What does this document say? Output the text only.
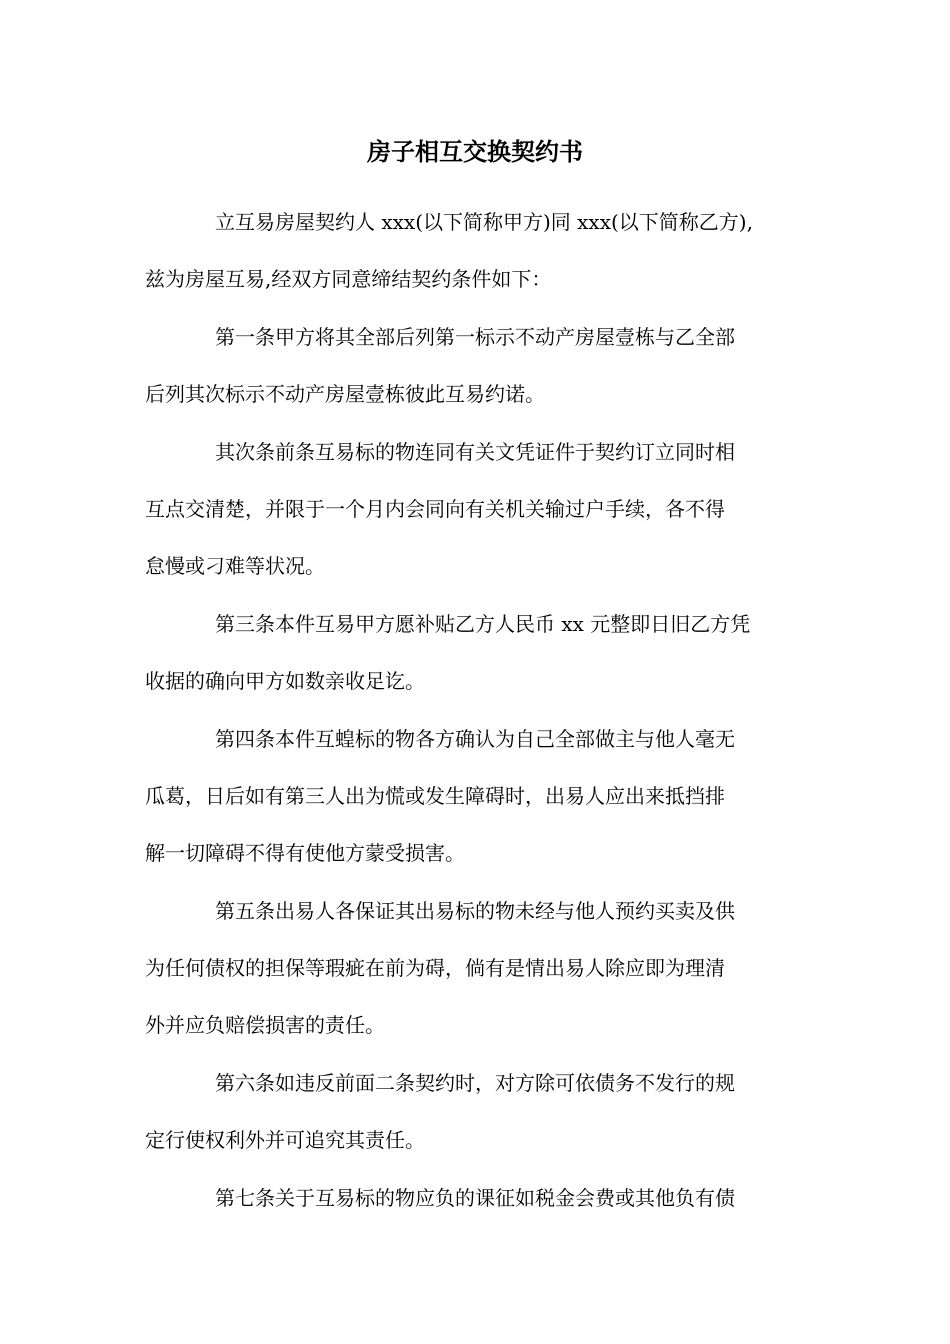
房子相互交换契约书
立互易房屋契约人 xxx(以下简称甲方)同 xxx(以下简称乙方),
兹为房屋互易,经双方同意缔结契约条件如下：
第一条甲方将其全部后列第一标示不动产房屋壹栋与乙全部
后列其次标示不动产房屋壹栋彼此互易约诺。
其次条前条互易标的物连同有关文凭证件于契约订立同时相
互点交清楚，并限于一个月内会同向有关机关输过户手续，各不得
怠慢或刁难等状况。
第三条本件互易甲方愿补贴乙方人民币 xx 元整即日旧乙方凭
收据的确向甲方如数亲收足讫。
第四条本件互蝗标的物各方确认为自己全部做主与他人毫无
瓜葛，日后如有第三人出为慌或发生障碍时，出易人应出来抵挡排
解一切障碍不得有使他方蒙受损害。
第五条出易人各保证其出易标的物未经与他人预约买卖及供
为任何债权的担保等瑕疵在前为碍，倘有是情出易人除应即为理清
外并应负赔偿损害的责任。
第六条如违反前面二条契约时，对方除可依债务不发行的规
定行使权利外并可追究其责任。
第七条关于互易标的物应负的课征如税金会费或其他负有债
